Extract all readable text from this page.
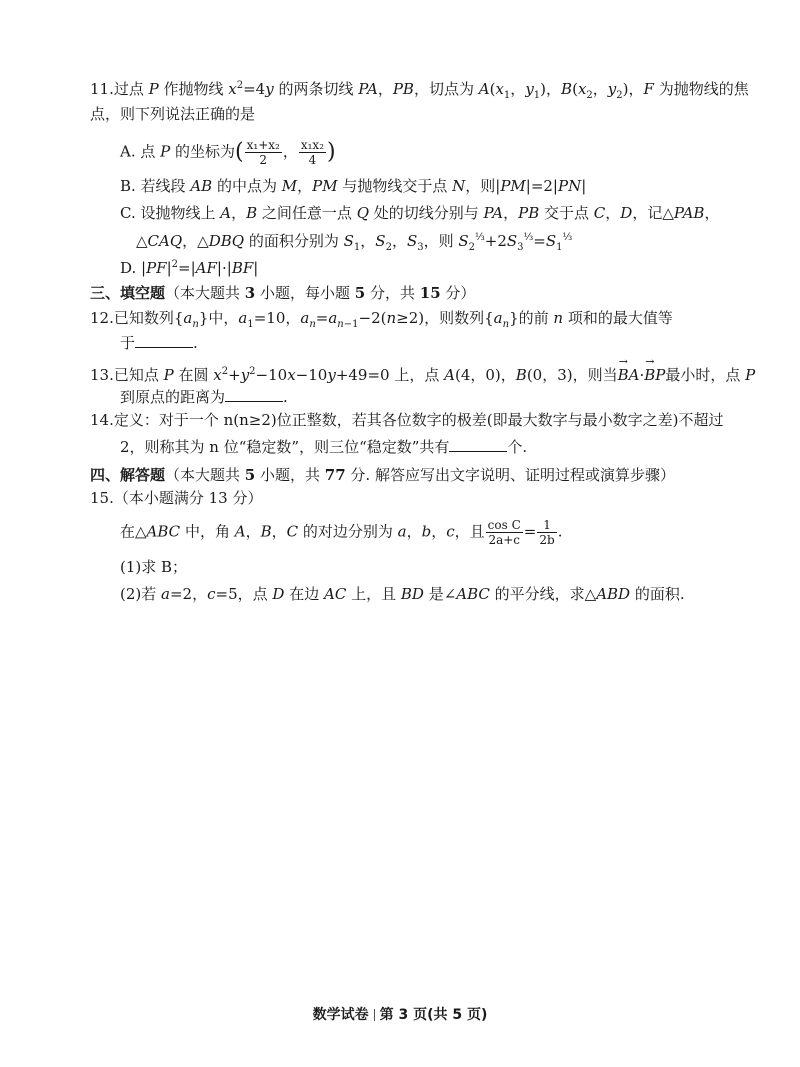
11.过点 P 作抛物线 $x^2=4y$ 的两条切线 PA，PB，切点为 $A(x_1$，$y_1$)，$B(x_2$，$y_2$)，F 为抛物线的焦
点，则下列说法正确的是
A. 点 P 的坐标为( $\frac{\text{x₁+x₂}}{2}$ ， $\frac{\text{x₁x₂}}{4}$ )
B. 若线段 AB 的中点为 M，PM 与抛物线交于点 N，则|PM|=2|PN|
C. 设抛物线上 A，B 之间任意一点 Q 处的切线分别与 PA，PB 交于点 C，D，记△PAB，
△CAQ，△DBQ 的面积分别为 $S_1$，$S_2$，$S_3$，则 $S_2^{\frac{1}{3}}+2S_3^{\frac{1}{3}}=S_1^{\frac{1}{3}}$
D. $|PF|^2=|AF|\cdot|BF|$
三、填空题（本大题共 3 小题，每小题 5 分，共 15 分）
12.已知数列$\{a_n\}$中，$a_1=10$，$a_n=a_{n-1}-2(n\ge 2)$，则数列$\{a_n\}$的前 n 项和的最大值等
于	.
13.已知点 P 在圆 $x^2+y^2-10x-10y+49=0$ 上，点 A(4，0)，B(0，3)，则当→ BA·→ BP最小时，点 P
到原点的距离为	.
14.定义：对于一个 n(n≥2)位正整数，若其各位数字的极差(即最大数字与最小数字之差)不超过
2，则称其为 n 位“稳定数”，则三位“稳定数”共有	个.
四、解答题（本大题共 5 小题，共 77 分. 解答应写出文字说明、证明过程或演算步骤）
15.（本小题满分 13 分）
在△ABC 中，角 A，B，C 的对边分别为 a，b，c，且 $\frac{\text{cos C}}{2a+c} = \frac{1}{2b}$ .
(1)求 B；
(2)若 a=2，c=5，点 D 在边 AC 上，且 BD 是∠ABC 的平分线，求△ABD 的面积.
数学试卷 第 3 页(共 5 页)
